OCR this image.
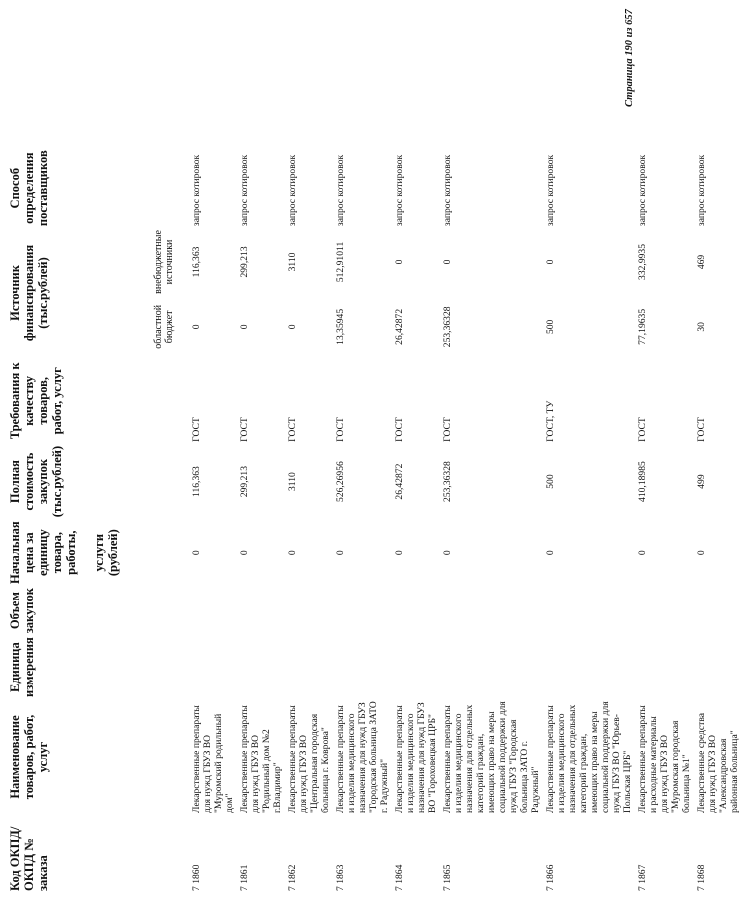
Код ОКПД/ ОКПД № заказа	Наименование товаров, работ, услуг	Единица измерения	Объем закупок	Начальная цена за единицу товара, работы, услуги (рублей)	Полная стоимость закупок (тыс.рублей)	Требования к качеству товаров, работ, услуг	Источник финансирования (тыс.рублей)		Способ определения поставщиков
							областной бюджет	внебюджетные источники	
7 1860	Лекарственные препараты для нужд ГБУЗ ВО "Муромский родильный дом"			0	116,363	ГОСТ	0	116,363	запрос котировок
7 1861	Лекарственные препараты для нужд ГБУЗ ВО "Родильный дом №2 г.Владимир"			0	299,213	ГОСТ	0	299,213	запрос котировок
7 1862	Лекарственные препараты для нужд ГБУЗ ВО "Центральная городская больница г. Коврова"			0	3110	ГОСТ	0	3110	запрос котировок
7 1863	Лекарственные препараты и изделия медицинского назначения для нужд ГБУЗ "Городская больница ЗАТО г. Радужный"			0	526,26956	ГОСТ	13,35945	512,91011	запрос котировок
7 1864	Лекарственные препараты и изделия медицинского назначения для нужд ГБУЗ ВО "Гороховецкая ЦРБ"			0	26,42872	ГОСТ	26,42872	0	запрос котировок
7 1865	Лекарственные препараты и изделия медицинского назначения для отдельных категорий граждан, имеющих право на меры социальной поддержки для нужд ГБУЗ "Городская больница ЗАТО г. Радужный"			0	253,36328	ГОСТ	253,36328	0	запрос котировок
7 1866	Лекарственные препараты и изделия медицинского назначения для отдельных категорий граждан, имеющих право на меры социальной поддержки для нужд ГБУЗ ВО "Юрьев-Польская ЦРБ"			0	500	ГОСТ, ТУ	500	0	запрос котировок
7 1867	Лекарственные препараты и расходные материалы для нужд ГБУЗ ВО "Муромская городская больница №1"			0	410,18985	ГОСТ	77,19635	332,9935	запрос котировок
7 1868	Лекарственные средства для нужд ГБУЗ ВО "Александровская районная больница"			0	499	ГОСТ	30	469	запрос котировок
Страница 190 из 657
